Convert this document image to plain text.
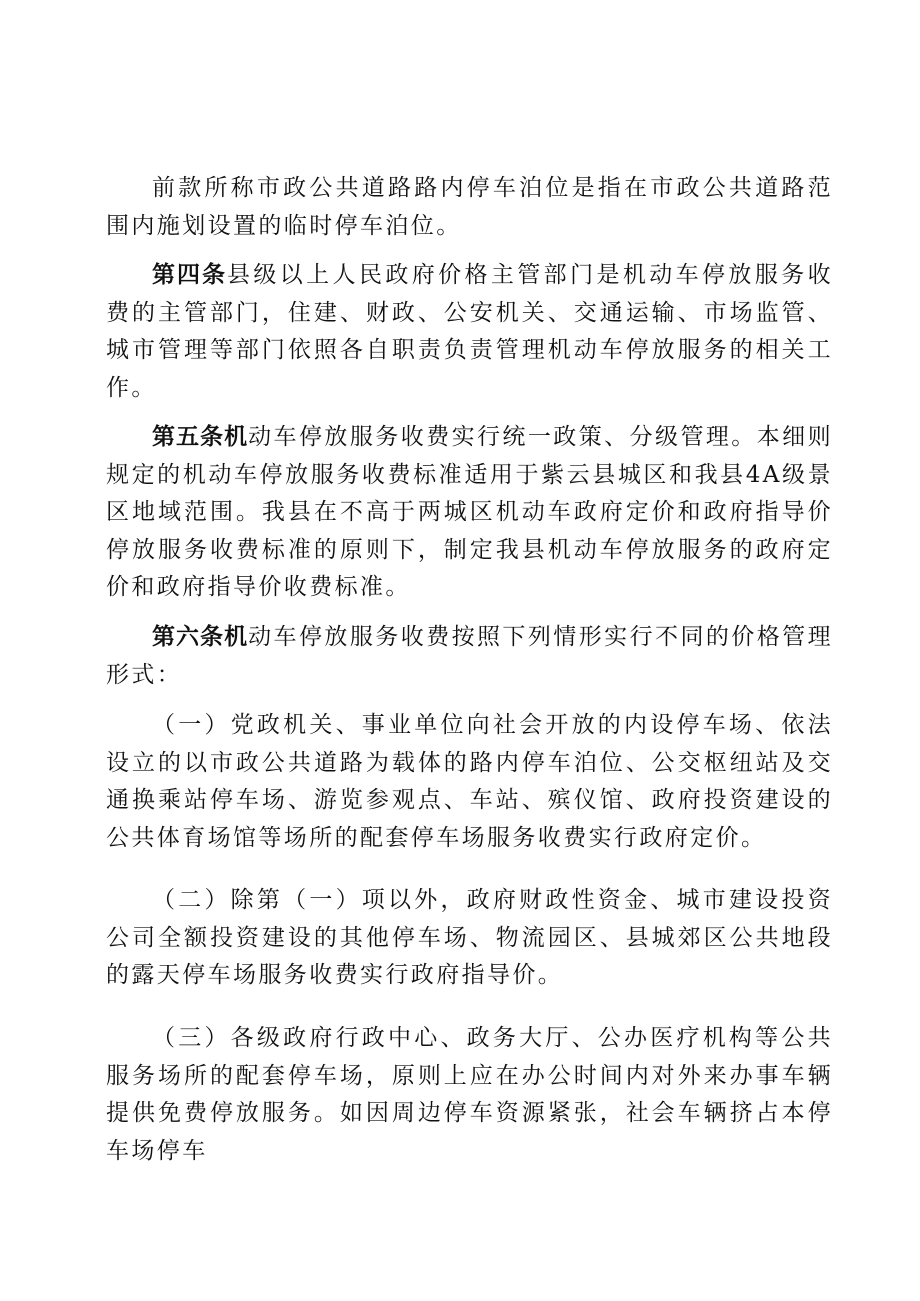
前款所称市政公共道路路内停车泊位是指在市政公共道路范围内施划设置的临时停车泊位。

第四条县级以上人民政府价格主管部门是机动车停放服务收费的主管部门，住建、财政、公安机关、交通运输、市场监管、城市管理等部门依照各自职责负责管理机动车停放服务的相关工作。

第五条机动车停放服务收费实行统一政策、分级管理。本细则规定的机动车停放服务收费标准适用于紫云县城区和我县4A级景区地域范围。我县在不高于两城区机动车政府定价和政府指导价停放服务收费标准的原则下，制定我县机动车停放服务的政府定价和政府指导价收费标准。

第六条机动车停放服务收费按照下列情形实行不同的价格管理形式：

（一）党政机关、事业单位向社会开放的内设停车场、依法设立的以市政公共道路为载体的路内停车泊位、公交枢纽站及交通换乘站停车场、游览参观点、车站、殡仪馆、政府投资建设的公共体育场馆等场所的配套停车场服务收费实行政府定价。

（二）除第（一）项以外，政府财政性资金、城市建设投资公司全额投资建设的其他停车场、物流园区、县城郊区公共地段的露天停车场服务收费实行政府指导价。

（三）各级政府行政中心、政务大厅、公办医疗机构等公共服务场所的配套停车场，原则上应在办公时间内对外来办事车辆提供免费停放服务。如因周边停车资源紧张，社会车辆挤占本停车场停车
